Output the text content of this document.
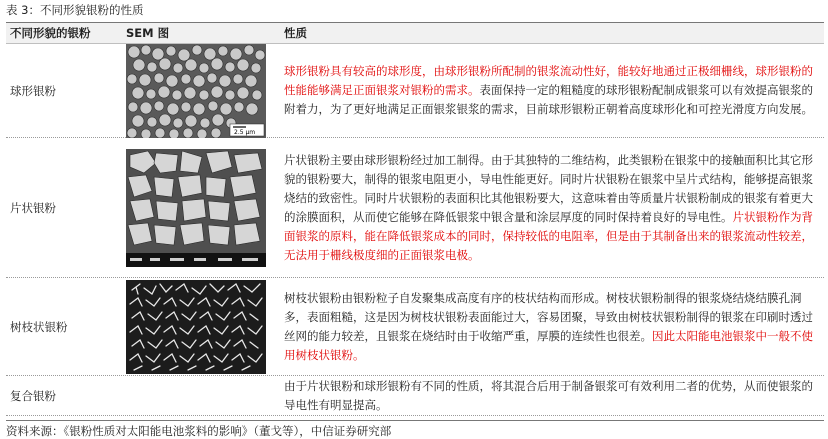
表 3：不同形貌银粉的性质
不同形貌的银粉	SEM 图	性质
球形银粉
2.5 μm

球形银粉具有较高的球形度，由球形银粉所配制的银浆流动性好，能较好地通过正极细栅线，球形银粉的性能能够满足正面银浆对银粉的需求。表面保持一定的粗糙度的球形银粉配制成银浆可以有效提高银浆的附着力，为了更好地满足正面银浆银浆的需求，目前球形银粉正朝着高度球形化和可控光滑度方向发展。

片状银粉

片状银粉主要由球形银粉经过加工制得。由于其独特的二维结构，此类银粉在银浆中的接触面积比其它形貌的银粉要大，制得的银浆电阻更小，导电性能更好。同时片状银粉在银浆中呈片式结构，能够提高银浆烧结的致密性。同时片状银粉的表面积比其他银粉要大，这意味着由等质量片状银粉制成的银浆有着更大的涂膜面积，从而使它能够在降低银浆中银含量和涂层厚度的同时保持着良好的导电性。片状银粉作为背面银浆的原料，能在降低银浆成本的同时，保持较低的电阻率，但是由于其制备出来的银浆流动性较差，无法用于栅线极度细的正面银浆电极。

树枝状银粉

树枝状银粉由银粉粒子自发聚集成高度有序的枝状结构而形成。树枝状银粉制得的银浆烧结烧结膜孔洞多，表面粗糙，这是因为树枝状银粉表面能过大，容易团聚，导致由树枝状银粉制得的银浆在印刷时透过丝网的能力较差，且银浆在烧结时由于收缩严重，厚膜的连续性也很差。因此太阳能电池银浆中一般不使用树枝状银粉。

复合银粉

由于片状银粉和球形银粉有不同的性质，将其混合后用于制备银浆可有效利用二者的优势，从而使银浆的导电性有明显提高。

资料来源：《银粉性质对太阳能电池浆料的影响》（董戈等），中信证券研究部
